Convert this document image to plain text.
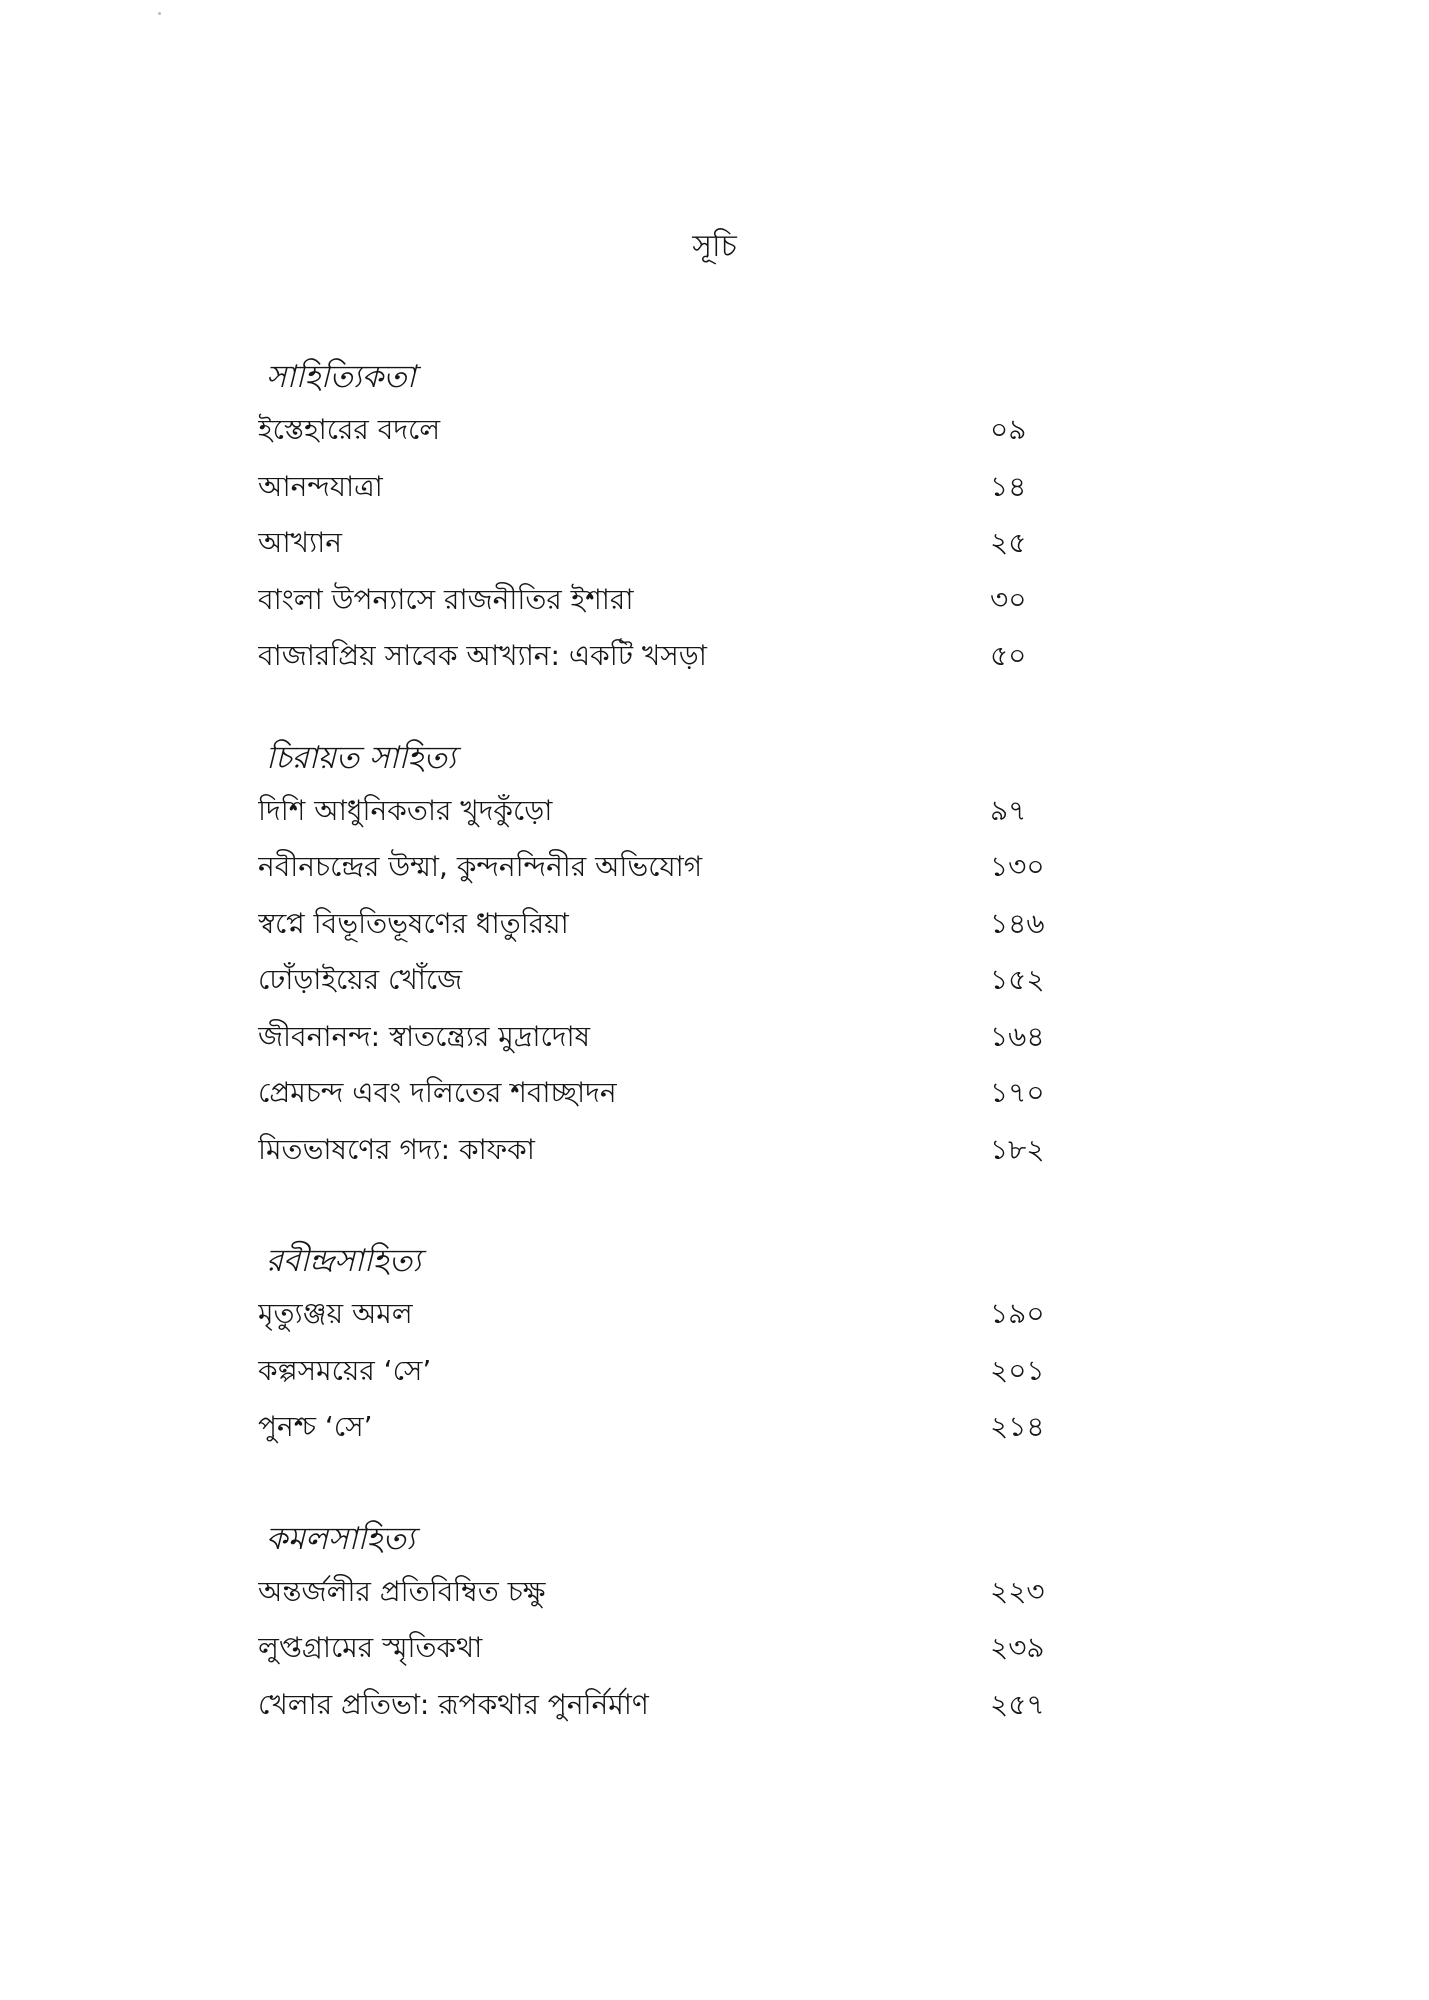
সূচি
সাহিত্যিকতা
ইস্তেহারের বদলে	০৯
আনন্দযাত্রা	১৪
আখ্যান	২৫
বাংলা উপন্যাসে রাজনীতির ইশারা	৩০
বাজারপ্রিয় সাবেক আখ্যান: একটি খসড়া	৫০
চিরায়ত সাহিত্য
দিশি আধুনিকতার খুদকুঁড়ো	৯৭
নবীনচন্দ্রের উম্মা, কুন্দনন্দিনীর অভিযোগ	১৩০
স্বপ্নে বিভূতিভূষণের ধাতুরিয়া	১৪৬
ঢোঁড়াইয়ের খোঁজে	১৫২
জীবনানন্দ: স্বাতন্ত্র্যের মুদ্রাদোষ	১৬৪
প্রেমচন্দ এবং দলিতের শবাচ্ছাদন	১৭০
মিতভাষণের গদ্য: কাফকা	১৮২
রবীন্দ্রসাহিত্য
মৃত্যুঞ্জয় অমল	১৯০
কল্পসময়ের ‘সে’	২০১
পুনশ্চ ‘সে’	২১৪
কমলসাহিত্য
অন্তর্জলীর প্রতিবিম্বিত চক্ষু	২২৩
লুপ্তগ্রামের স্মৃতিকথা	২৩৯
খেলার প্রতিভা: রূপকথার পুনর্নির্মাণ	২৫৭
